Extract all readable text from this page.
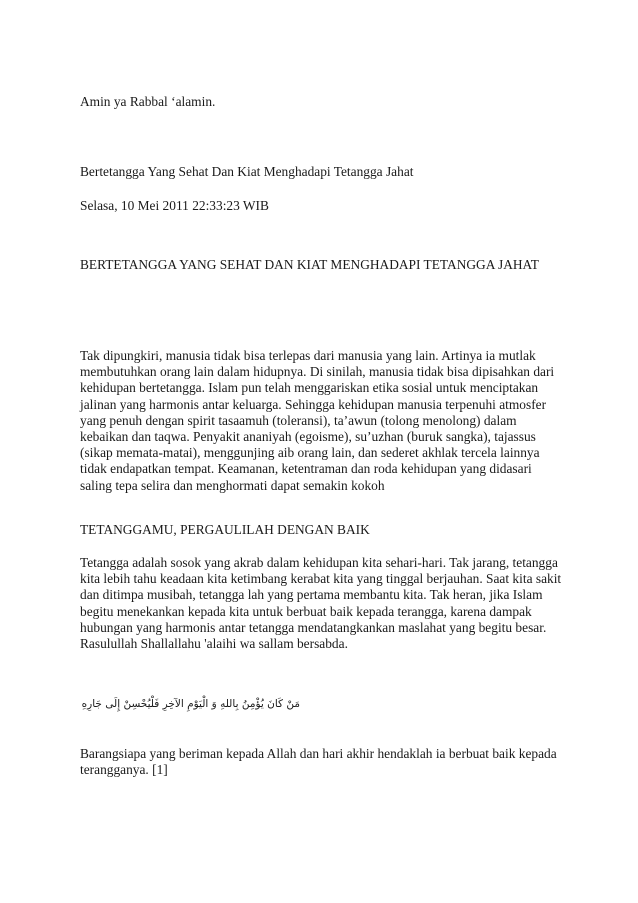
Amin ya Rabbal ‘alamin.

Bertetangga Yang Sehat Dan Kiat Menghadapi Tetangga Jahat

Selasa, 10 Mei 2011 22:33:23 WIB

BERTETANGGA YANG SEHAT DAN KIAT MENGHADAPI TETANGGA JAHAT

Tak dipungkiri, manusia tidak bisa terlepas dari manusia yang lain. Artinya ia mutlak membutuhkan orang lain dalam hidupnya. Di sinilah, manusia tidak bisa dipisahkan dari kehidupan bertetangga. Islam pun telah menggariskan etika sosial untuk menciptakan jalinan yang harmonis antar keluarga. Sehingga kehidupan manusia terpenuhi atmosfer yang penuh dengan spirit tasaamuh (toleransi), ta’awun (tolong menolong) dalam kebaikan dan taqwa. Penyakit ananiyah (egoisme), su’uzhan (buruk sangka), tajassus (sikap memata-matai), menggunjing aib orang lain, dan sederet akhlak tercela lainnya tidak endapatkan tempat. Keamanan, ketentraman dan roda kehidupan yang didasari saling tepa selira dan menghormati dapat semakin kokoh

TETANGGAMU, PERGAULILAH DENGAN BAIK

Tetangga adalah sosok yang akrab dalam kehidupan kita sehari-hari. Tak jarang, tetangga kita lebih tahu keadaan kita ketimbang kerabat kita yang tinggal berjauhan. Saat kita sakit dan ditimpa musibah, tetangga lah yang pertama membantu kita. Tak heran, jika Islam begitu menekankan kepada kita untuk berbuat baik kepada terangga, karena dampak hubungan yang harmonis antar tetangga mendatangkankan maslahat yang begitu besar. Rasulullah Shallallahu 'alaihi wa sallam bersabda.

مَنْ كَانَ يُؤْمِنُ بِاللهِ وَ الْيَوْمِ الآخِرِ فَلْيُحْسِنْ إِلَى جَارِهِ

Barangsiapa yang beriman kepada Allah dan hari akhir hendaklah ia berbuat baik kepada terangganya. [1]
